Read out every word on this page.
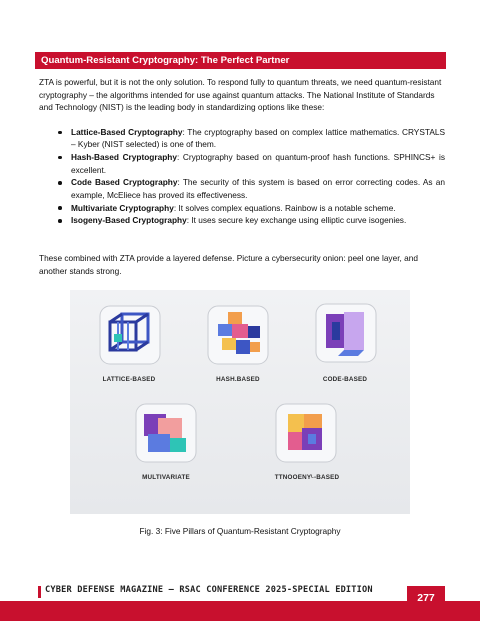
Quantum-Resistant Cryptography: The Perfect Partner

ZTA is powerful, but it is not the only solution. To respond fully to quantum threats, we need quantum-resistant cryptography – the algorithms intended for use against quantum attacks. The National Institute of Standards and Technology (NIST) is the leading body in standardizing options like these:

Lattice-Based Cryptography: The cryptography based on complex lattice mathematics. CRYSTALS – Kyber (NIST selected) is one of them.
Hash-Based Cryptography: Cryptography based on quantum-proof hash functions. SPHINCS+ is excellent.
Code Based Cryptography: The security of this system is based on error correcting codes. As an example, McEliece has proved its effectiveness.
Multivariate Cryptography: It solves complex equations. Rainbow is a notable scheme.
Isogeny-Based Cryptography: It uses secure key exchange using elliptic curve isogenies.

These combined with ZTA provide a layered defense. Picture a cybersecurity onion: peel one layer, and another stands strong.

LATTICE-BASED	HASH.BASED	CODE-BASED
MULTIVARIATE	TTNOOENYᴸ-BASED
Fig. 3: Five Pillars of Quantum-Resistant Cryptography
CYBER DEFENSE MAGAZINE – RSAC CONFERENCE 2025-SPECIAL EDITION
277
